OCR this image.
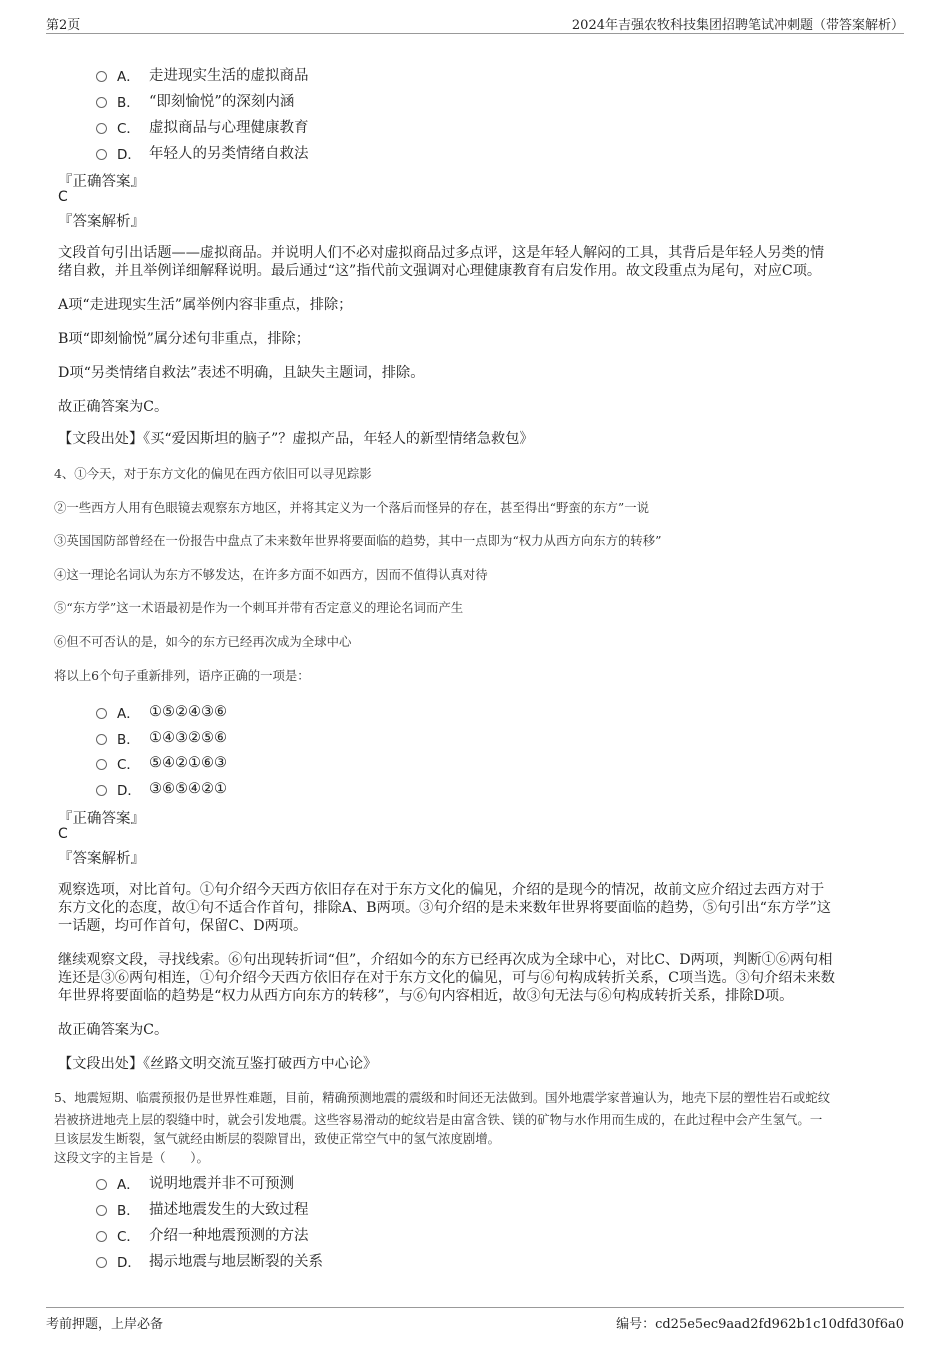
第2页	2024年吉强农牧科技集团招聘笔试冲刺题（带答案解析）
A． 走进现实生活的虚拟商品
B． “即刻愉悦”的深刻内涵
C． 虚拟商品与心理健康教育
D． 年轻人的另类情绪自救法
『正确答案』
C
『答案解析』
文段首句引出话题——虚拟商品。并说明人们不必对虚拟商品过多点评，这是年轻人解闷的工具，其背后是年轻人另类的情
绪自救，并且举例详细解释说明。最后通过“这”指代前文强调对心理健康教育有启发作用。故文段重点为尾句，对应C项。
A项“走进现实生活”属举例内容非重点，排除；
B项“即刻愉悦”属分述句非重点，排除；
D项“另类情绪自救法”表述不明确，且缺失主题词，排除。
故正确答案为C。
【文段出处】《买“爱因斯坦的脑子”？虚拟产品，年轻人的新型情绪急救包》
4、①今天，对于东方文化的偏见在西方依旧可以寻见踪影
②一些西方人用有色眼镜去观察东方地区，并将其定义为一个落后而怪异的存在，甚至得出“野蛮的东方”一说
③英国国防部曾经在一份报告中盘点了未来数年世界将要面临的趋势，其中一点即为“权力从西方向东方的转移”
④这一理论名词认为东方不够发达，在许多方面不如西方，因而不值得认真对待
⑤“东方学”这一术语最初是作为一个刺耳并带有否定意义的理论名词而产生
⑥但不可否认的是，如今的东方已经再次成为全球中心
将以上6个句子重新排列，语序正确的一项是：
A． ①⑤②④③⑥
B． ①④③②⑤⑥
C． ⑤④②①⑥③
D． ③⑥⑤④②①
『正确答案』
C
『答案解析』
观察选项，对比首句。①句介绍今天西方依旧存在对于东方文化的偏见，介绍的是现今的情况，故前文应介绍过去西方对于
东方文化的态度，故①句不适合作首句，排除A、B两项。③句介绍的是未来数年世界将要面临的趋势，⑤句引出“东方学”这
一话题，均可作首句，保留C、D两项。
继续观察文段，寻找线索。⑥句出现转折词“但”，介绍如今的东方已经再次成为全球中心，对比C、D两项，判断①⑥两句相
连还是③⑥两句相连，①句介绍今天西方依旧存在对于东方文化的偏见，可与⑥句构成转折关系，C项当选。③句介绍未来数
年世界将要面临的趋势是“权力从西方向东方的转移”，与⑥句内容相近，故③句无法与⑥句构成转折关系，排除D项。
故正确答案为C。
【文段出处】《丝路文明交流互鉴打破西方中心论》
5、地震短期、临震预报仍是世界性难题，目前，精确预测地震的震级和时间还无法做到。国外地震学家普遍认为，地壳下层的塑性岩石或蛇纹
岩被挤进地壳上层的裂缝中时，就会引发地震。这些容易滑动的蛇纹岩是由富含铁、镁的矿物与水作用而生成的，在此过程中会产生氢气。一
旦该层发生断裂，氢气就经由断层的裂隙冒出，致使正常空气中的氢气浓度剧增。
这段文字的主旨是（　　）。
A． 说明地震并非不可预测
B． 描述地震发生的大致过程
C． 介绍一种地震预测的方法
D． 揭示地震与地层断裂的关系
考前押题，上岸必备	编号：cd25e5ec9aad2fd962b1c10dfd30f6a0
